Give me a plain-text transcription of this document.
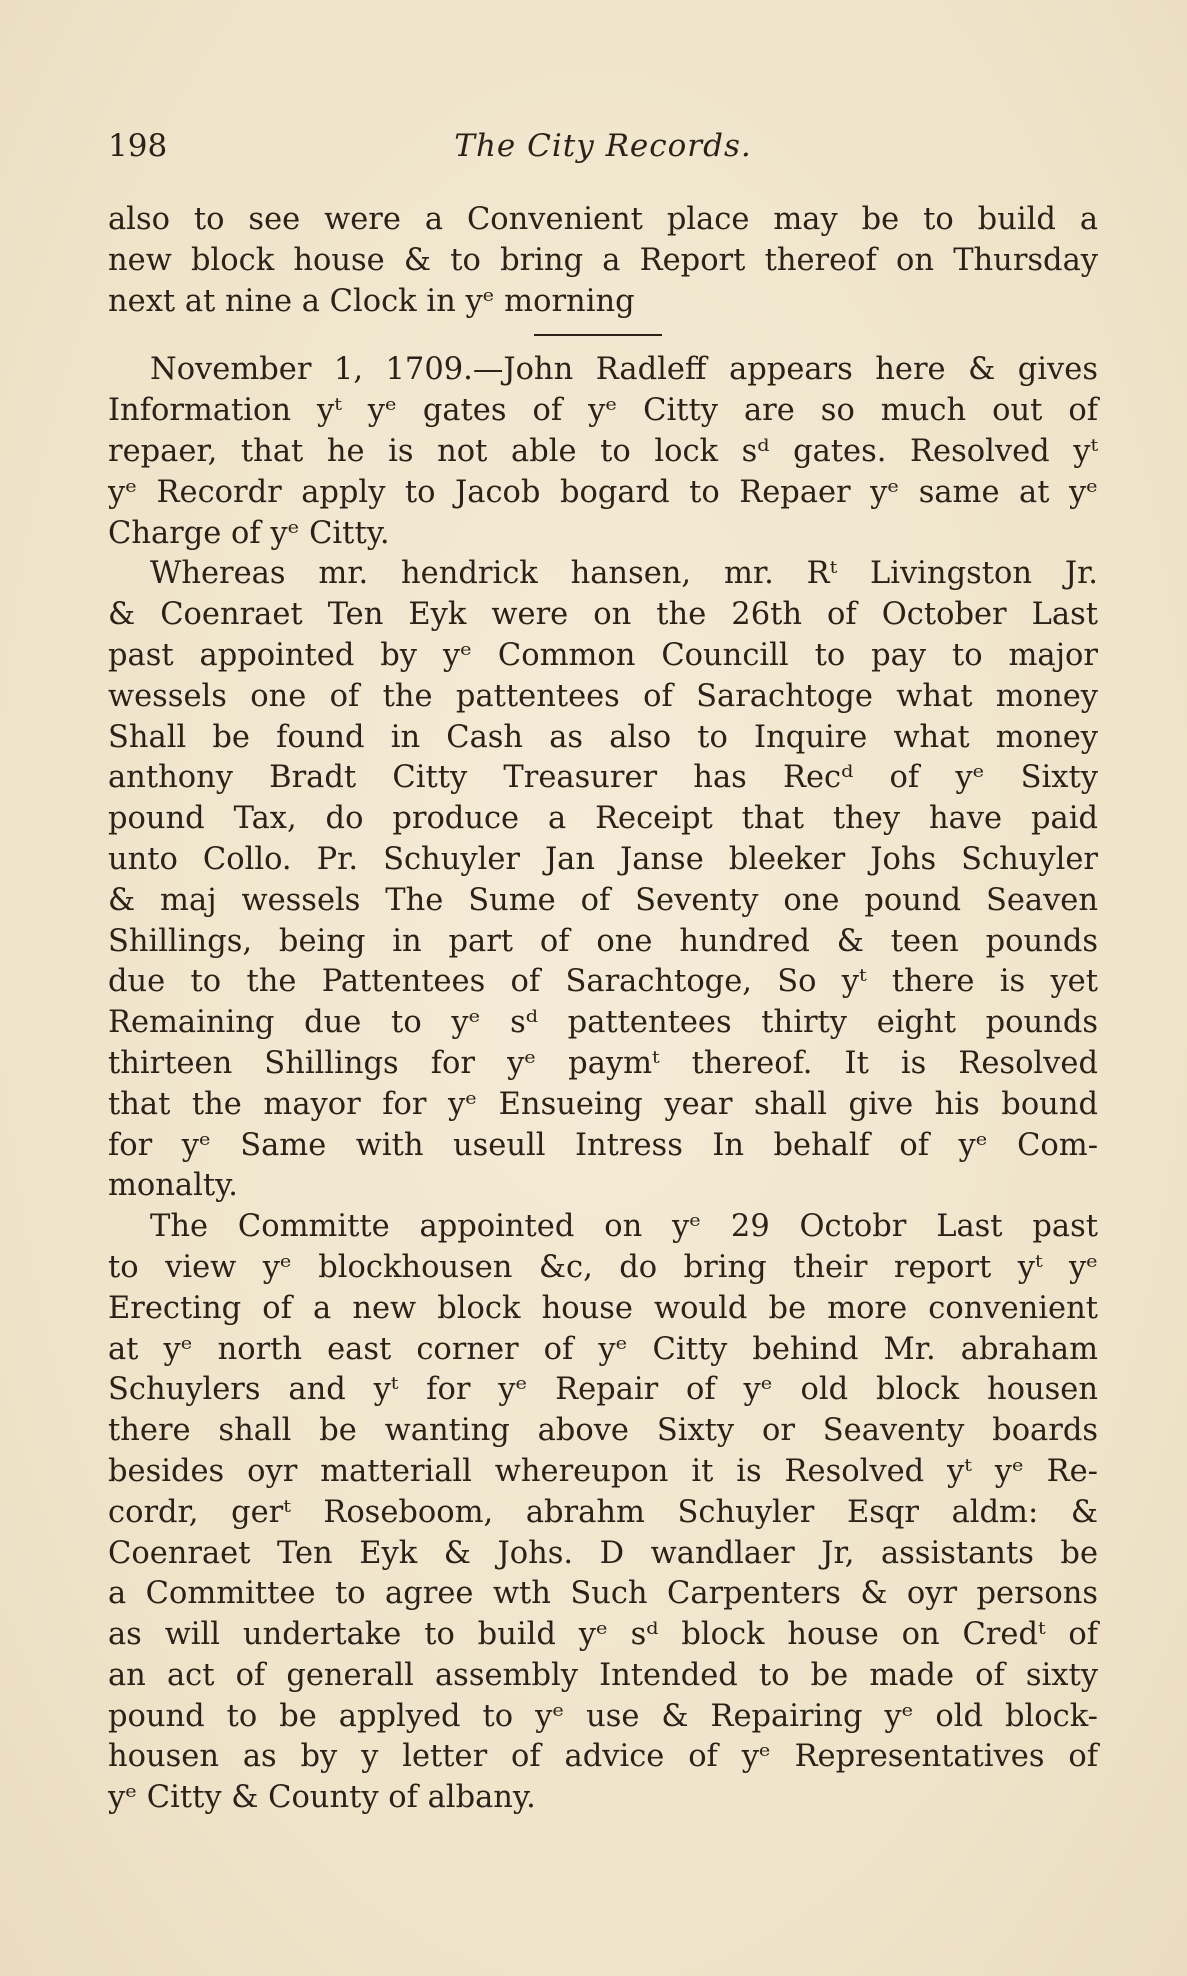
198	The City Records.
also to see were a Convenient place may be to build a
new block house & to bring a Report thereof on Thursday
next at nine a Clock in yᵉ morning
November 1, 1709.—John Radleff appears here & gives
Information yᵗ yᵉ gates of yᵉ Citty are so much out of
repaer, that he is not able to lock sᵈ gates. Resolved yᵗ
yᵉ Recordr apply to Jacob bogard to Repaer yᵉ same at yᵉ
Charge of yᵉ Citty.
Whereas mr. hendrick hansen, mr. Rᵗ Livingston Jr.
& Coenraet Ten Eyk were on the 26th of October Last
past appointed by yᵉ Common Councill to pay to major
wessels one of the pattentees of Sarachtoge what money
Shall be found in Cash as also to Inquire what money
anthony Bradt Citty Treasurer has Recᵈ of yᵉ Sixty
pound Tax, do produce a Receipt that they have paid
unto Collo. Pr. Schuyler Jan Janse bleeker Johs Schuyler
& maj wessels The Sume of Seventy one pound Seaven
Shillings, being in part of one hundred & teen pounds
due to the Pattentees of Sarachtoge, So yᵗ there is yet
Remaining due to yᵉ sᵈ pattentees thirty eight pounds
thirteen Shillings for yᵉ paymᵗ thereof. It is Resolved
that the mayor for yᵉ Ensueing year shall give his bound
for yᵉ Same with useull Intress In behalf of yᵉ Com-
monalty.
The Committe appointed on yᵉ 29 Octobr Last past
to view yᵉ blockhousen &c, do bring their report yᵗ yᵉ
Erecting of a new block house would be more convenient
at yᵉ north east corner of yᵉ Citty behind Mr. abraham
Schuylers and yᵗ for yᵉ Repair of yᵉ old block housen
there shall be wanting above Sixty or Seaventy boards
besides oyr matteriall whereupon it is Resolved yᵗ yᵉ Re-
cordr, gerᵗ Roseboom, abrahm Schuyler Esqr aldm: &
Coenraet Ten Eyk & Johs. D wandlaer Jr, assistants be
a Committee to agree wth Such Carpenters & oyr persons
as will undertake to build yᵉ sᵈ block house on Credᵗ of
an act of generall assembly Intended to be made of sixty
pound to be applyed to yᵉ use & Repairing yᵉ old block-
housen as by y letter of advice of yᵉ Representatives of
yᵉ Citty & County of albany.
